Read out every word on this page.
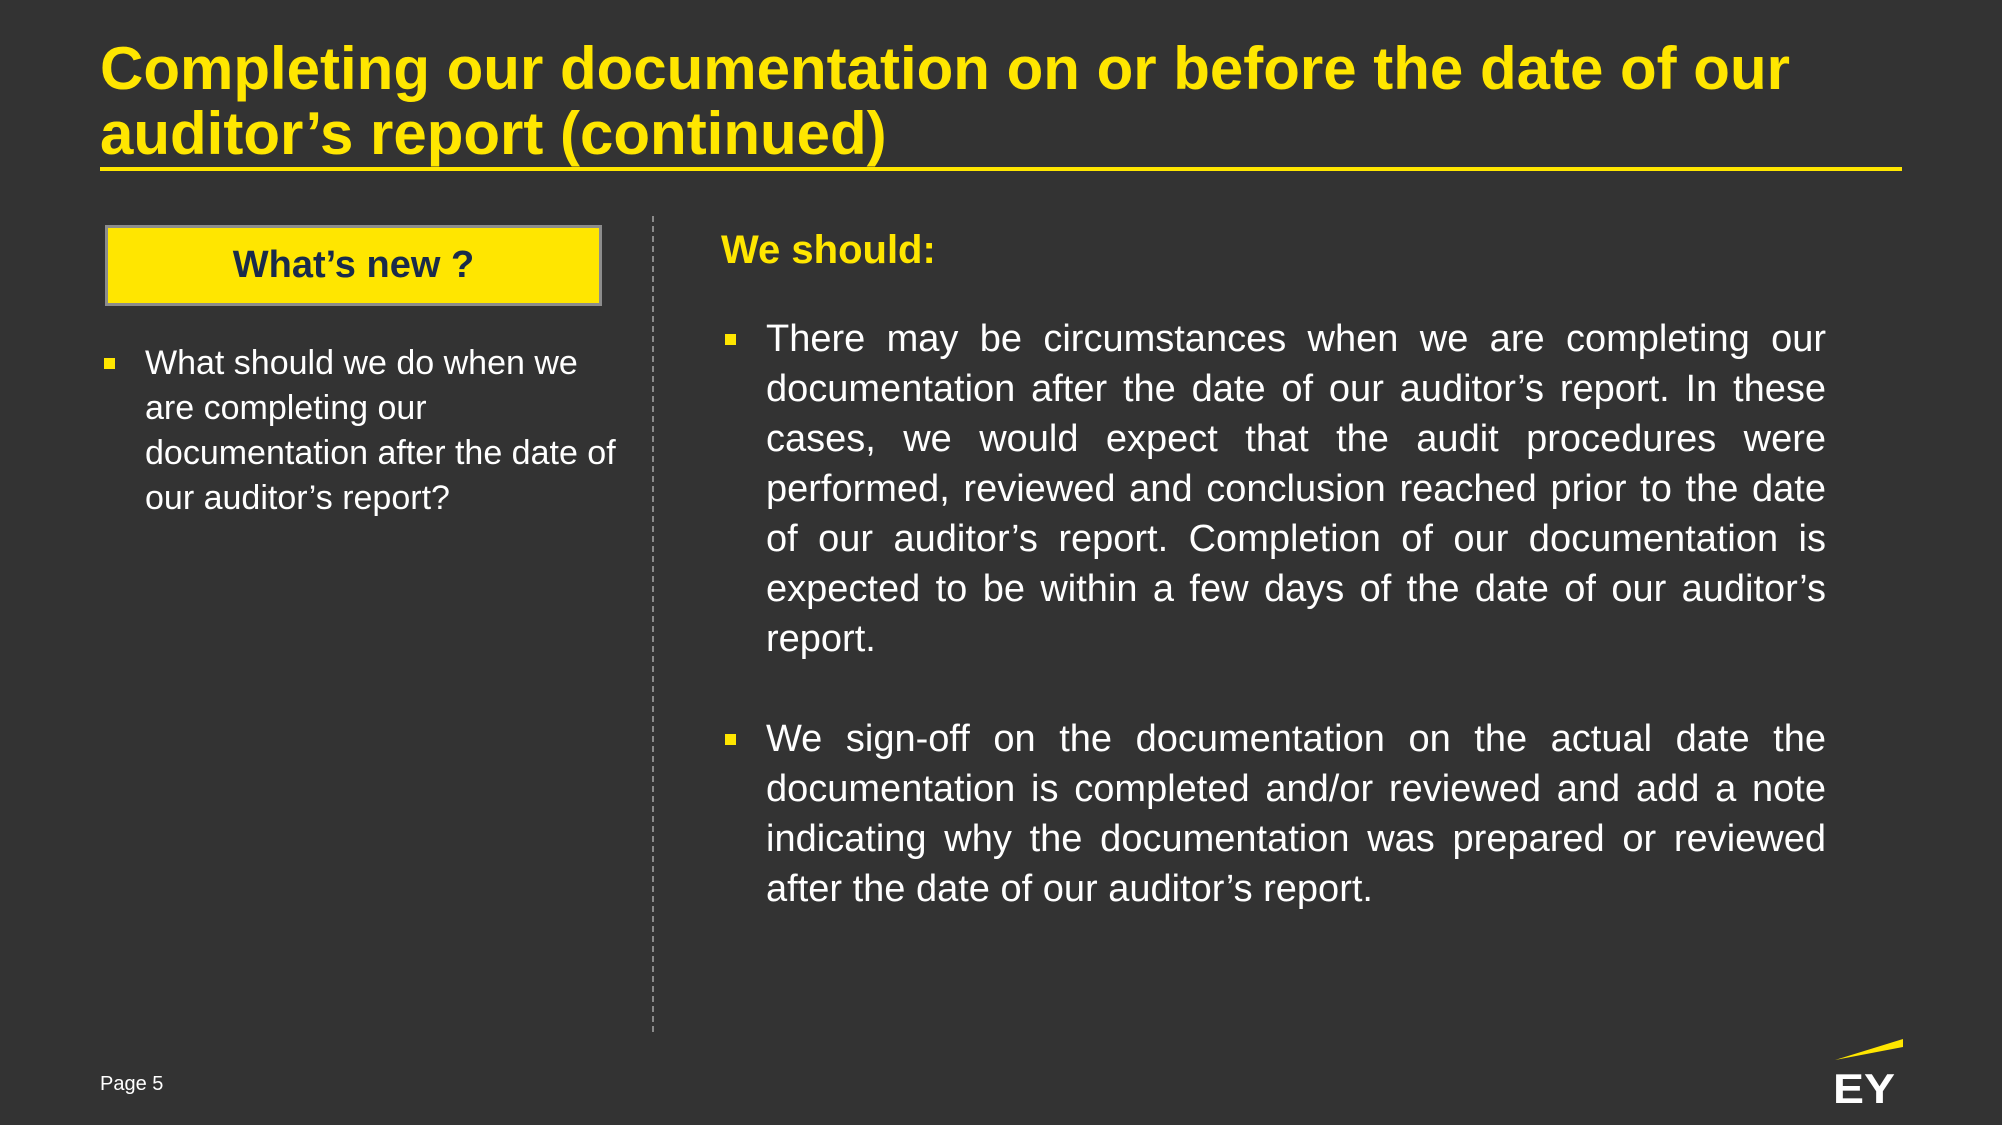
Completing our documentation on or before the date of our auditor’s report (continued)
What’s new ?
What should we do when we are completing our documentation after the date of our auditor’s report?
We should:
There may be circumstances when we are completing our documentation after the date of our auditor’s report. In these cases, we would expect that the audit procedures were performed, reviewed and conclusion reached prior to the date of our auditor’s report. Completion of our documentation is expected to be within a few days of the date of our auditor’s report.
We sign-off on the documentation on the actual date the documentation is completed and/or reviewed and add a note indicating why the documentation was prepared or reviewed after the date of our auditor’s report.
Page 5	EY
